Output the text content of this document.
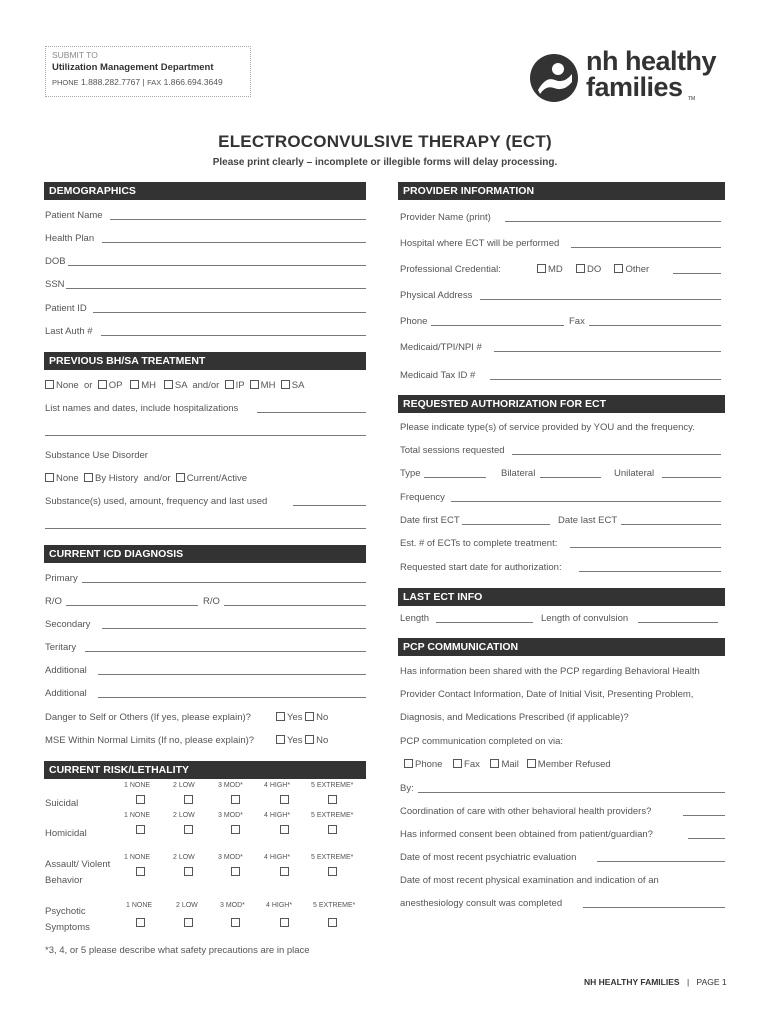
SUBMIT TO
Utilization Management Department
PHONE 1.888.282.7767 | FAX 1.866.694.3649
nh healthy
families TM
ELECTROCONVULSIVE THERAPY (ECT)
Please print clearly – incomplete or illegible forms will delay processing.
DEMOGRAPHICS
Patient Name
Health Plan
DOB
SSN
Patient ID
Last Auth #
PREVIOUS BH/SA TREATMENT
None or OP MH SA and/or IP MH SA
List names and dates, include hospitalizations
Substance Use Disorder
None By History and/or Current/Active
Substance(s) used, amount, frequency and last used
CURRENT ICD DIAGNOSIS
Primary
R/O	R/O
Secondary
Teritary
Additional
Additional
Danger to Self or Others (If yes, please explain)?	Yes No
MSE Within Normal Limits (If no, please explain)?	Yes No
CURRENT RISK/LETHALITY
1 NONE	2 LOW	3 MOD*	4 HIGH*	5 EXTREME*
Suicidal
1 NONE	2 LOW	3 MOD*	4 HIGH*	5 EXTREME*
Homicidal
1 NONE	2 LOW	3 MOD*	4 HIGH*	5 EXTREME*
Assault/ Violent
Behavior
1 NONE	2 LOW	3 MOD*	4 HIGH*	5 EXTREME*
Psychotic
Symptoms
*3, 4, or 5 please describe what safety precautions are in place
PROVIDER INFORMATION
Provider Name (print)
Hospital where ECT will be performed
Professional Credential:	MD	DO	Other
Physical Address
Phone	Fax
Medicaid/TPI/NPI #
Medicaid Tax ID #
REQUESTED AUTHORIZATION FOR ECT
Please indicate type(s) of service provided by YOU and the frequency.
Total sessions requested
Type	Bilateral	Unilateral
Frequency
Date first ECT	Date last ECT
Est. # of ECTs to complete treatment:
Requested start date for authorization:
LAST ECT INFO
Length	Length of convulsion
PCP COMMUNICATION
Has information been shared with the PCP regarding Behavioral Health
Provider Contact Information, Date of Initial Visit, Presenting Problem,
Diagnosis, and Medications Prescribed (if applicable)?
PCP communication completed on via:
Phone Fax Mail Member Refused
By:
Coordination of care with other behavioral health providers?
Has informed consent been obtained from patient/guardian?
Date of most recent psychiatric evaluation
Date of most recent physical examination and indication of an
anesthesiology consult was completed
NH HEALTHY FAMILIES | PAGE 1
